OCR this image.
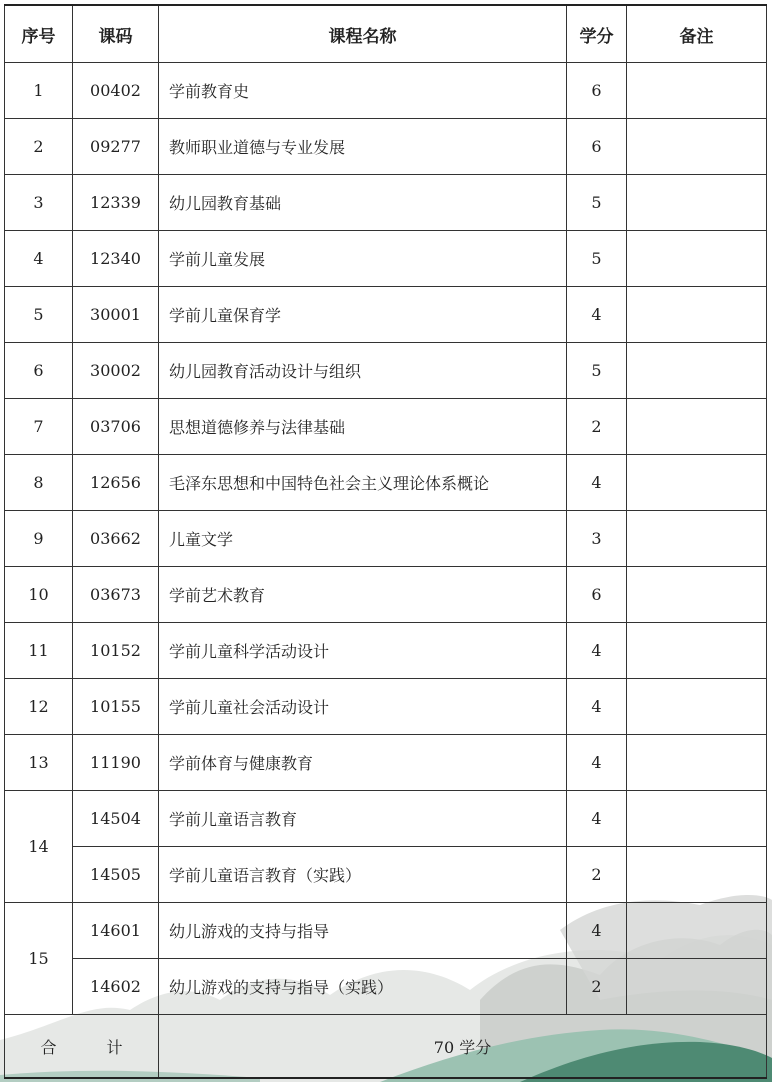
序号	课码	课程名称	学分	备注
1	00402	学前教育史	6	
2	09277	教师职业道德与专业发展	6	
3	12339	幼儿园教育基础	5	
4	12340	学前儿童发展	5	
5	30001	学前儿童保育学	4	
6	30002	幼儿园教育活动设计与组织	5	
7	03706	思想道德修养与法律基础	2	
8	12656	毛泽东思想和中国特色社会主义理论体系概论	4	
9	03662	儿童文学	3	
10	03673	学前艺术教育	6	
11	10152	学前儿童科学活动设计	4	
12	10155	学前儿童社会活动设计	4	
13	11190	学前体育与健康教育	4	
14	14504	学前儿童语言教育	4	
	14505	学前儿童语言教育（实践）	2	
15	14601	幼儿游戏的支持与指导	4	
	14602	幼儿游戏的支持与指导（实践）	2	
合 计		70 学分		
